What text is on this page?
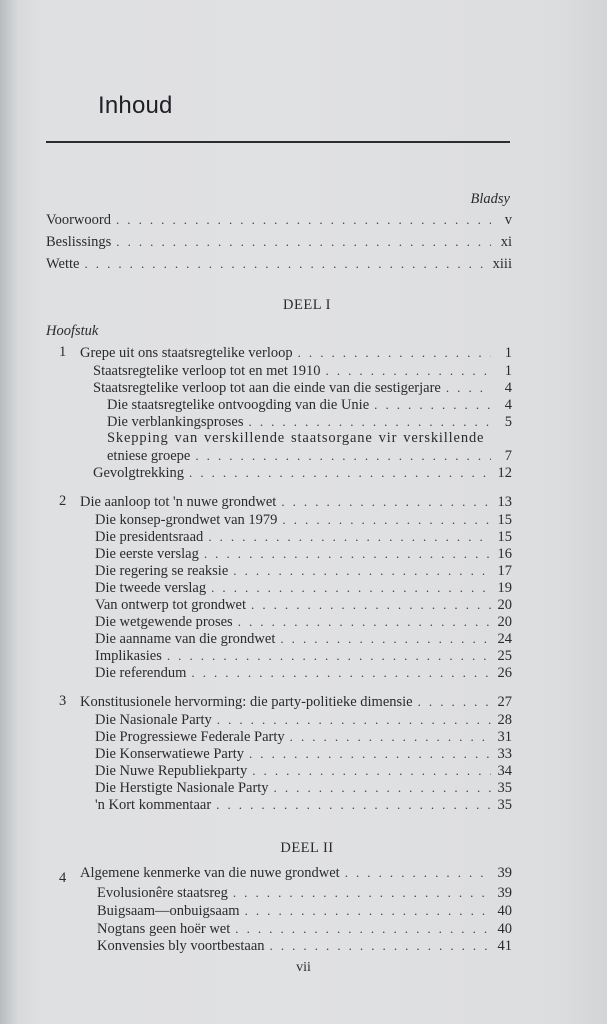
Inhoud
Bladsy
Voorwoord . . .	v
Beslissings . . .	xi
Wette . . .	xiii
DEEL I
Hoofstuk
1 Grepe uit ons staatsregtelike verloop . . .	1
Staatsregtelike verloop tot en met 1910 . . .	1
Staatsregtelike verloop tot aan die einde van die sestigerjare . . .	4
Die staatsregtelike ontvoogding van die Unie . . .	4
Die verblankingsproses . . .	5
Skepping van verskillende staatsorgane vir verskillende
etniese groepe . . .	7
Gevolgtrekking . . .	12
2 Die aanloop tot 'n nuwe grondwet . . .	13
Die konsep-grondwet van 1979 . . .	15
Die presidentsraad . . .	15
Die eerste verslag . . .	16
Die regering se reaksie . . .	17
Die tweede verslag . . .	19
Van ontwerp tot grondwet . . .	20
Die wetgewende proses . . .	20
Die aanname van die grondwet . . .	24
Implikasies . . .	25
Die referendum . . .	26
3 Konstitusionele hervorming: die party-politieke dimensie . . .	27
Die Nasionale Party . . .	28
Die Progressiewe Federale Party . . .	31
Die Konserwatiewe Party . . .	33
Die Nuwe Republiekparty . . .	34
Die Herstigte Nasionale Party . . .	35
'n Kort kommentaar . . .	35
DEEL II
4 Algemene kenmerke van die nuwe grondwet . . .	39
Evolusionêre staatsreg . . .	39
Buigsaam—onbuigsaam . . .	40
Nogtans geen hoër wet . . .	40
Konvensies bly voortbestaan . . .	41
vii
